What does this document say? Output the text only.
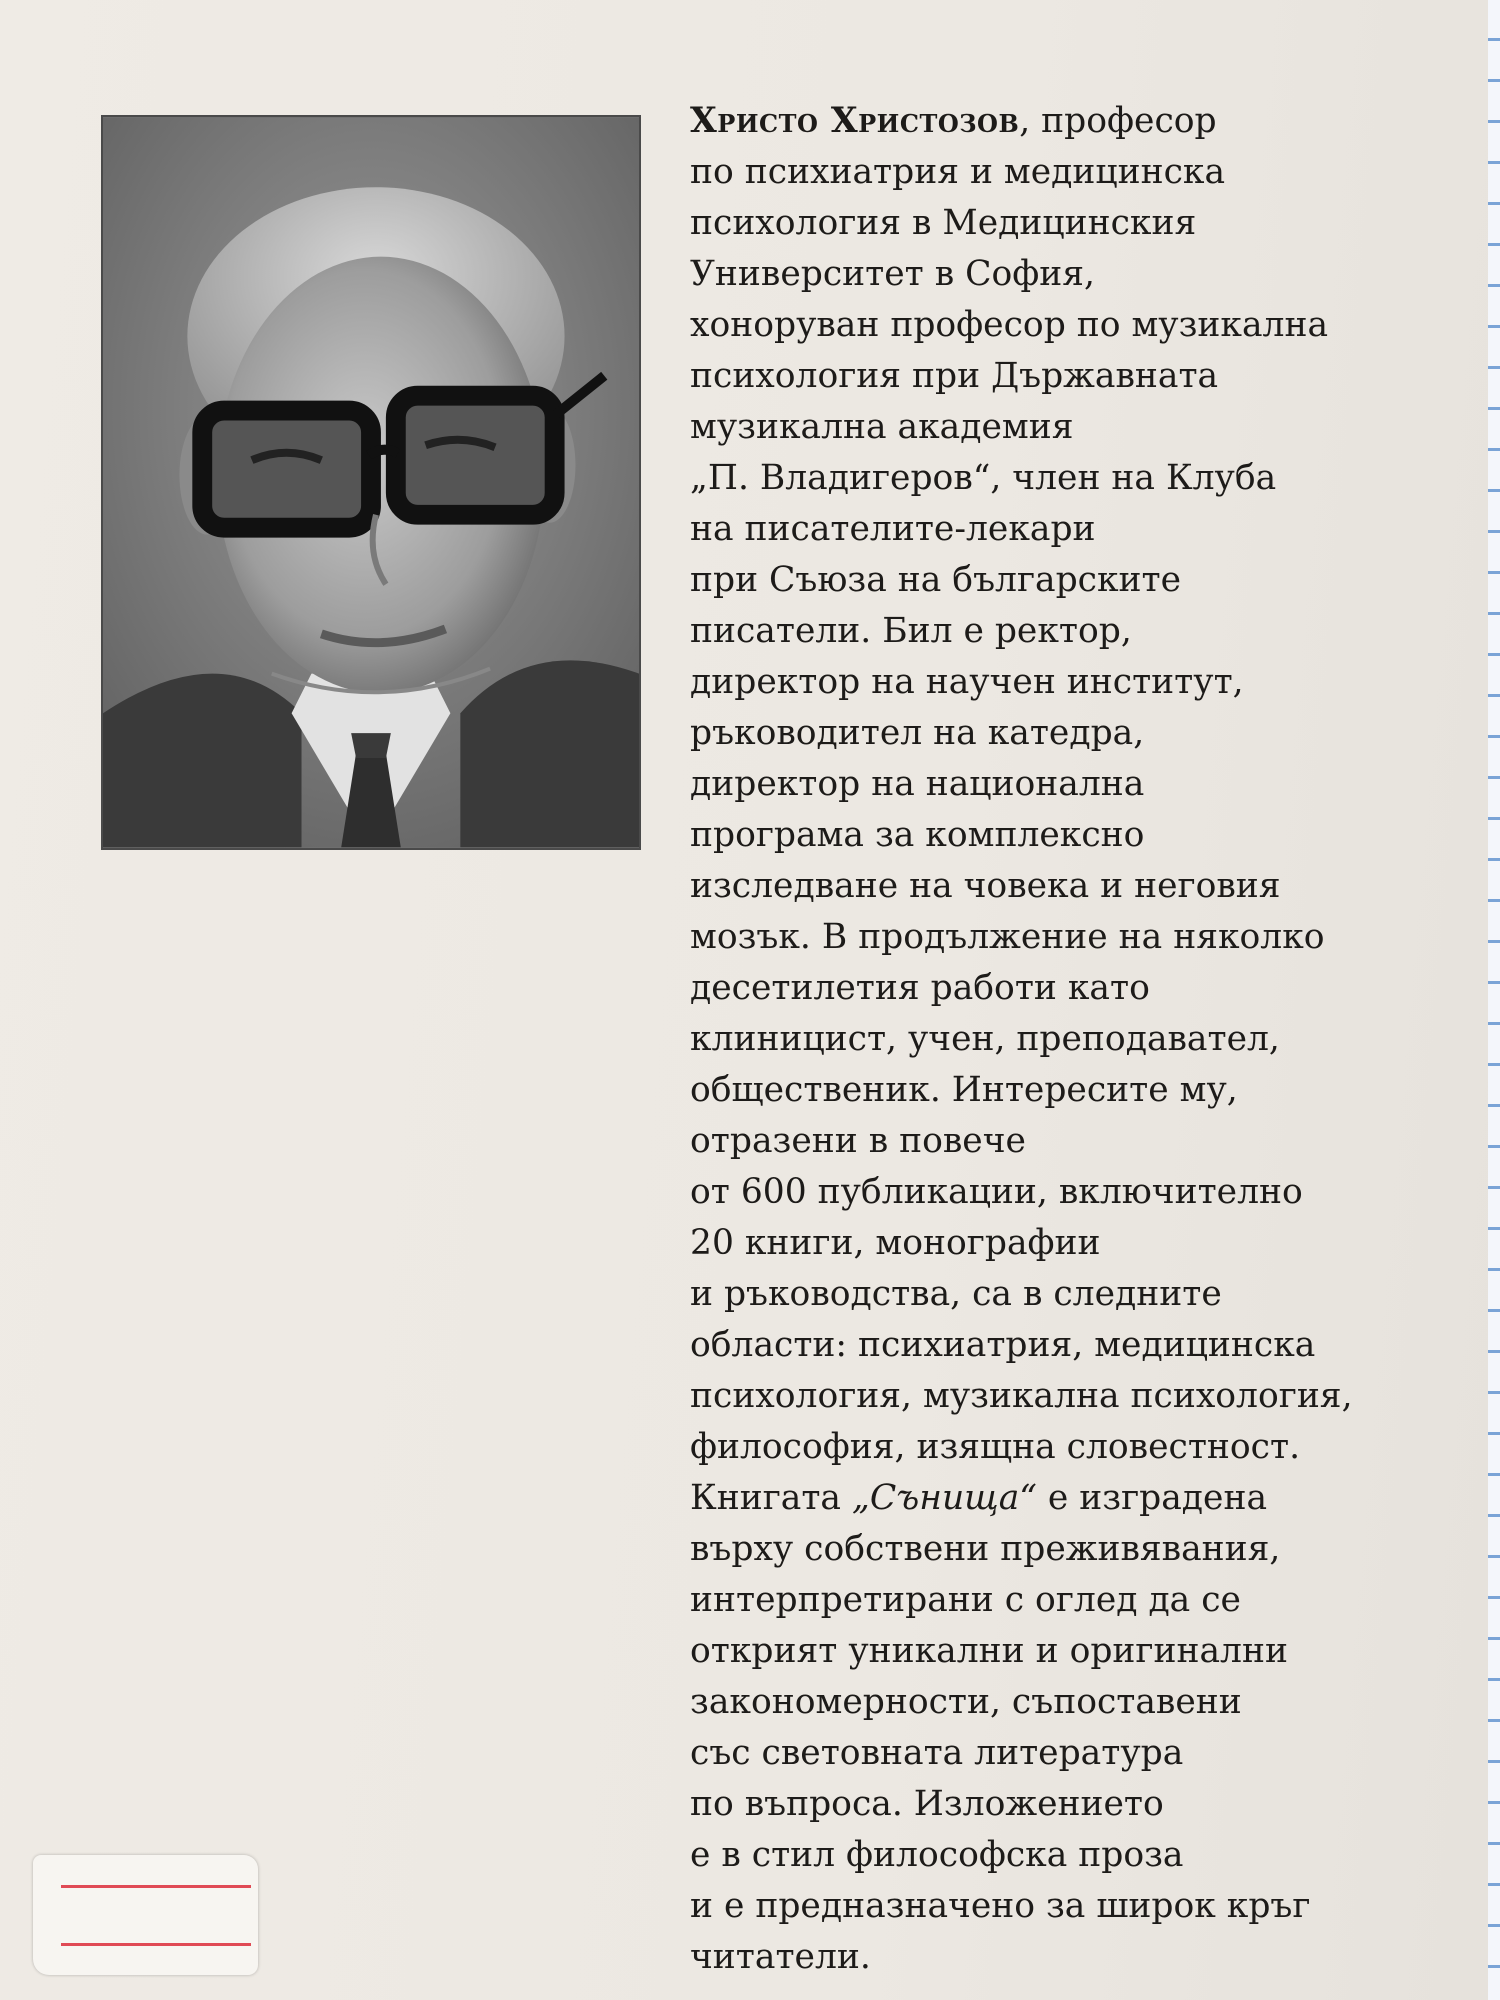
Христо Христозов, професор

по психиатрия и медицинска

психология в Медицинския

Университет в София,

хоноруван професор по музикална

психология при Държавната

музикална академия

„П. Владигеров“, член на Клуба

на писателите-лекари

при Съюза на българските

писатели. Бил е ректор,

директор на научен институт,

ръководител на катедра,

директор на национална

програма за комплексно

изследване на човека и неговия

мозък. В продължение на няколко

десетилетия работи като

клиницист, учен, преподавател,

общественик. Интересите му,

отразени в повече

от 600 публикации, включително

20 книги, монографии

и ръководства, са в следните

области: психиатрия, медицинска

психология, музикална психология,

философия, изящна словестност.

Книгата „Сънища“ е изградена

върху собствени преживявания,

интерпретирани с оглед да се

открият уникални и оригинални

закономерности, съпоставени

със световната литература

по въпроса. Изложението

е в стил философска проза

и е предназначено за широк кръг

читатели.
